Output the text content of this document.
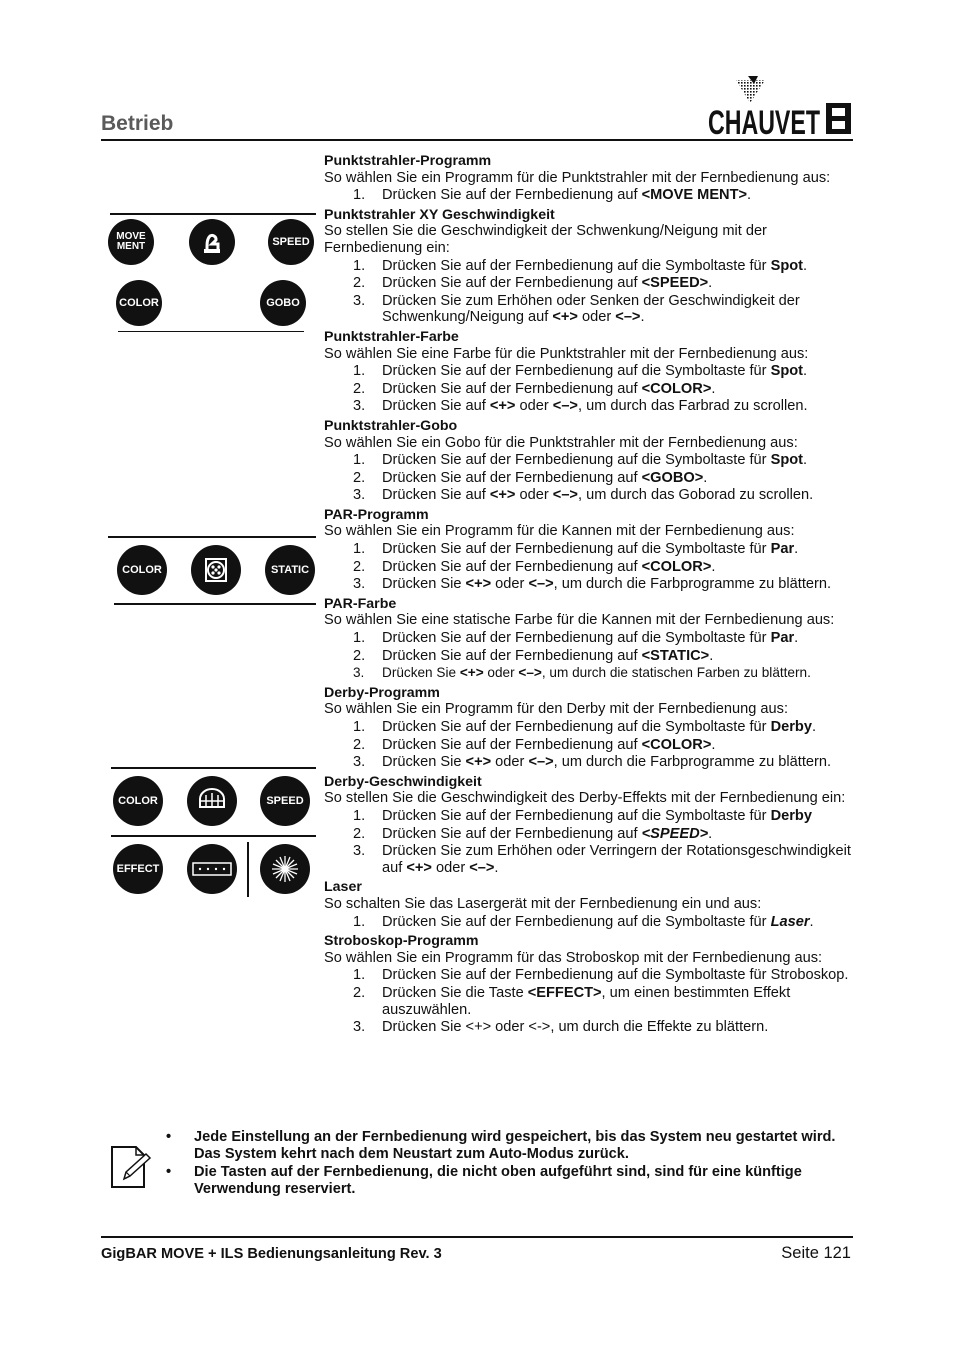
Betrieb	CHAUVET
MOVE MENT	SPEED
COLOR	GOBO
COLOR	STATIC
COLOR	SPEED
EFFECT
Punktstrahler-Programm
So wählen Sie ein Programm für die Punktstrahler mit der Fernbedienung aus:
1. Drücken Sie auf der Fernbedienung auf <MOVE MENT>.
Punktstrahler XY Geschwindigkeit
So stellen Sie die Geschwindigkeit der Schwenkung/Neigung mit der Fernbedienung ein:
1. Drücken Sie auf der Fernbedienung auf die Symboltaste für Spot.
2. Drücken Sie auf der Fernbedienung auf <SPEED>.
3. Drücken Sie zum Erhöhen oder Senken der Geschwindigkeit der Schwenkung/Neigung auf <+> oder <–>.
Punktstrahler-Farbe
So wählen Sie eine Farbe für die Punktstrahler mit der Fernbedienung aus:
1. Drücken Sie auf der Fernbedienung auf die Symboltaste für Spot.
2. Drücken Sie auf der Fernbedienung auf <COLOR>.
3. Drücken Sie auf <+> oder <–>, um durch das Farbrad zu scrollen.
Punktstrahler-Gobo
So wählen Sie ein Gobo für die Punktstrahler mit der Fernbedienung aus:
1. Drücken Sie auf der Fernbedienung auf die Symboltaste für Spot.
2. Drücken Sie auf der Fernbedienung auf <GOBO>.
3. Drücken Sie auf <+> oder <–>, um durch das Goborad zu scrollen.
PAR-Programm
So wählen Sie ein Programm für die Kannen mit der Fernbedienung aus:
1. Drücken Sie auf der Fernbedienung auf die Symboltaste für Par.
2. Drücken Sie auf der Fernbedienung auf <COLOR>.
3. Drücken Sie <+> oder <–>, um durch die Farbprogramme zu blättern.
PAR-Farbe
So wählen Sie eine statische Farbe für die Kannen mit der Fernbedienung aus:
1. Drücken Sie auf der Fernbedienung auf die Symboltaste für Par.
2. Drücken Sie auf der Fernbedienung auf <STATIC>.
3. Drücken Sie <+> oder <–>, um durch die statischen Farben zu blättern.
Derby-Programm
So wählen Sie ein Programm für den Derby mit der Fernbedienung aus:
1. Drücken Sie auf der Fernbedienung auf die Symboltaste für Derby.
2. Drücken Sie auf der Fernbedienung auf <COLOR>.
3. Drücken Sie <+> oder <–>, um durch die Farbprogramme zu blättern.
Derby-Geschwindigkeit
So stellen Sie die Geschwindigkeit des Derby-Effekts mit der Fernbedienung ein:
1. Drücken Sie auf der Fernbedienung auf die Symboltaste für Derby
2. Drücken Sie auf der Fernbedienung auf <SPEED>.
3. Drücken Sie zum Erhöhen oder Verringern der Rotationsgeschwindigkeit auf <+> oder <–>.
Laser
So schalten Sie das Lasergerät mit der Fernbedienung ein und aus:
1. Drücken Sie auf der Fernbedienung auf die Symboltaste für Laser.
Stroboskop-Programm
So wählen Sie ein Programm für das Stroboskop mit der Fernbedienung aus:
1. Drücken Sie auf der Fernbedienung auf die Symboltaste für Stroboskop.
2. Drücken Sie die Taste <EFFECT>, um einen bestimmten Effekt auszuwählen.
3. Drücken Sie <+> oder <->, um durch die Effekte zu blättern.
• Jede Einstellung an der Fernbedienung wird gespeichert, bis das System neu gestartet wird. Das System kehrt nach dem Neustart zum Auto-Modus zurück.
• Die Tasten auf der Fernbedienung, die nicht oben aufgeführt sind, sind für eine künftige Verwendung reserviert.
GigBAR MOVE + ILS Bedienungsanleitung Rev. 3	Seite 121
